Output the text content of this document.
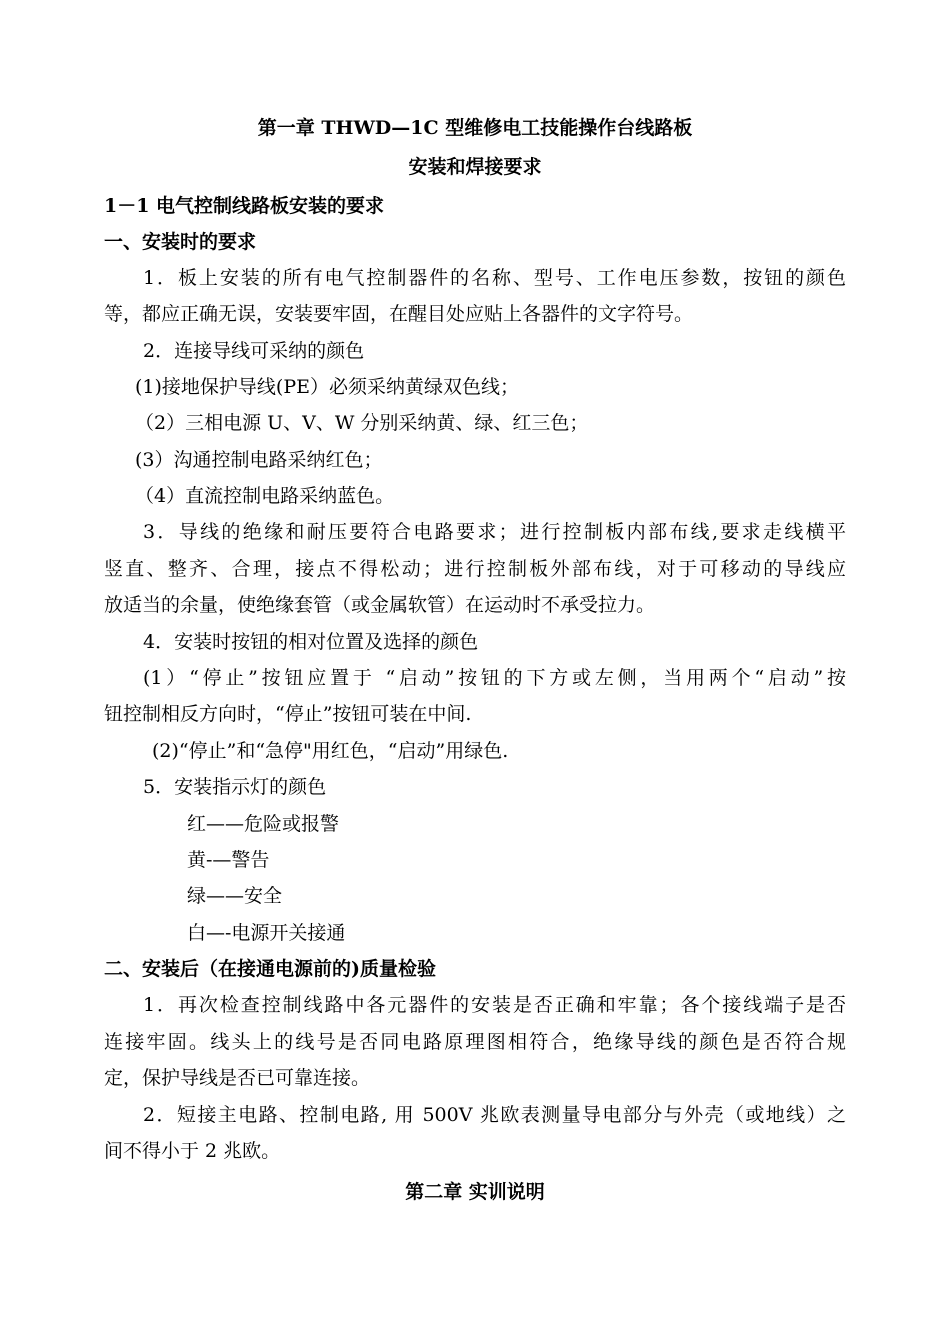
第一章 THWD—1C 型维修电工技能操作台线路板
安装和焊接要求
1－1 电气控制线路板安装的要求
一、安装时的要求
1．板上安装的所有电气控制器件的名称、型号、工作电压参数，按钮的颜色
等，都应正确无误，安装要牢固，在醒目处应贴上各器件的文字符号。
2．连接导线可采纳的颜色
(1)接地保护导线(PE）必须采纳黄绿双色线；
（2）三相电源 U、V、W 分别采纳黄、绿、红三色；
(3）沟通控制电路采纳红色；
（4）直流控制电路采纳蓝色。
3．导线的绝缘和耐压要符合电路要求；进行控制板内部布线,要求走线横平
竖直、整齐、合理，接点不得松动；进行控制板外部布线，对于可移动的导线应
放适当的余量，使绝缘套管（或金属软管）在运动时不承受拉力。
4．安装时按钮的相对位置及选择的颜色
(1）“停止”按钮应置于 “启动”按钮的下方或左侧，当用两个“启动”按
钮控制相反方向时，“停止”按钮可装在中间.
(2)“停止”和“急停"用红色，“启动”用绿色.
5．安装指示灯的颜色
红——危险或报警
黄-—警告
绿——安全
白—-电源开关接通
二、安装后（在接通电源前的)质量检验
1．再次检查控制线路中各元器件的安装是否正确和牢靠；各个接线端子是否
连接牢固。线头上的线号是否同电路原理图相符合，绝缘导线的颜色是否符合规
定，保护导线是否已可靠连接。
2．短接主电路、控制电路, 用 500V 兆欧表测量导电部分与外壳（或地线）之
间不得小于 2 兆欧。
第二章 实训说明
